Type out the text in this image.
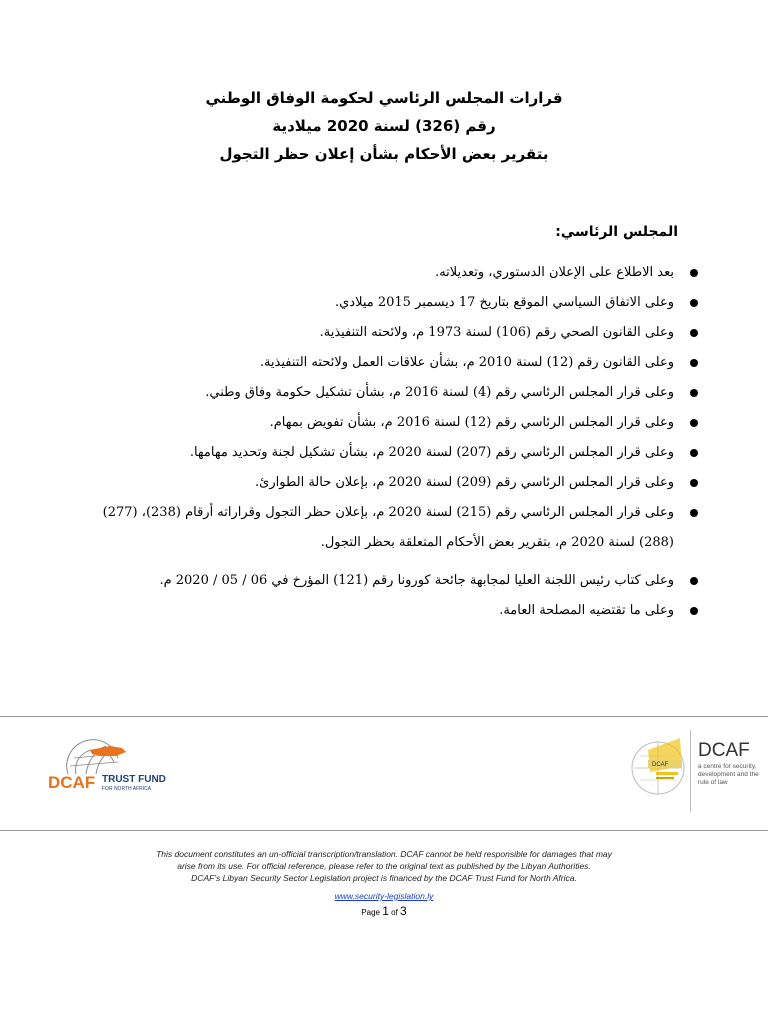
قرارات المجلس الرئاسي لحكومة الوفاق الوطني
رقم (326) لسنة 2020 ميلادية
بتقرير بعض الأحكام بشأن إعلان حظر التجول
المجلس الرئاسي:
بعد الاطلاع على الإعلان الدستوري، وتعديلاته.
وعلى الاتفاق السياسي الموقع بتاريخ 17 ديسمبر 2015 ميلادي.
وعلى القانون الصحي رقم (106) لسنة 1973 م، ولائحته التنفيذية.
وعلى القانون رقم (12) لسنة 2010 م، بشأن علاقات العمل ولائحته التنفيذية.
وعلى قرار المجلس الرئاسي رقم (4) لسنة 2016 م، بشأن تشكيل حكومة وفاق وطني.
وعلى قرار المجلس الرئاسي رقم (12) لسنة 2016 م، بشأن تفويض بمهام.
وعلى قرار المجلس الرئاسي رقم (207) لسنة 2020 م، بشأن تشكيل لجنة وتحديد مهامها.
وعلى قرار المجلس الرئاسي رقم (209) لسنة 2020 م، بإعلان حالة الطوارئ.
وعلى قرار المجلس الرئاسي رقم (215) لسنة 2020 م، بإعلان حظر التجول وقراراته أرقام (238)، (277)
(288) لسنة 2020 م، بتقرير بعض الأحكام المتعلقة بحظر التجول.
وعلى كتاب رئيس اللجنة العليا لمجابهة جائحة كورونا رقم (121) المؤرخ في 06 / 05 / 2020 م.
وعلى ما تقتضيه المصلحة العامة.
DCAF TRUST FUND
FOR NORTH AFRICA
DCAF
DCAF
a centre for security, development and the rule of law
This document constitutes an un-official transcription/translation. DCAF cannot be held responsible for damages that may
arise from its use. For official reference, please refer to the original text as published by the Libyan Authorities.
DCAF’s Libyan Security Sector Legislation project is financed by the DCAF Trust Fund for North Africa.
www.security-legislation.ly
Page 1 of 3
